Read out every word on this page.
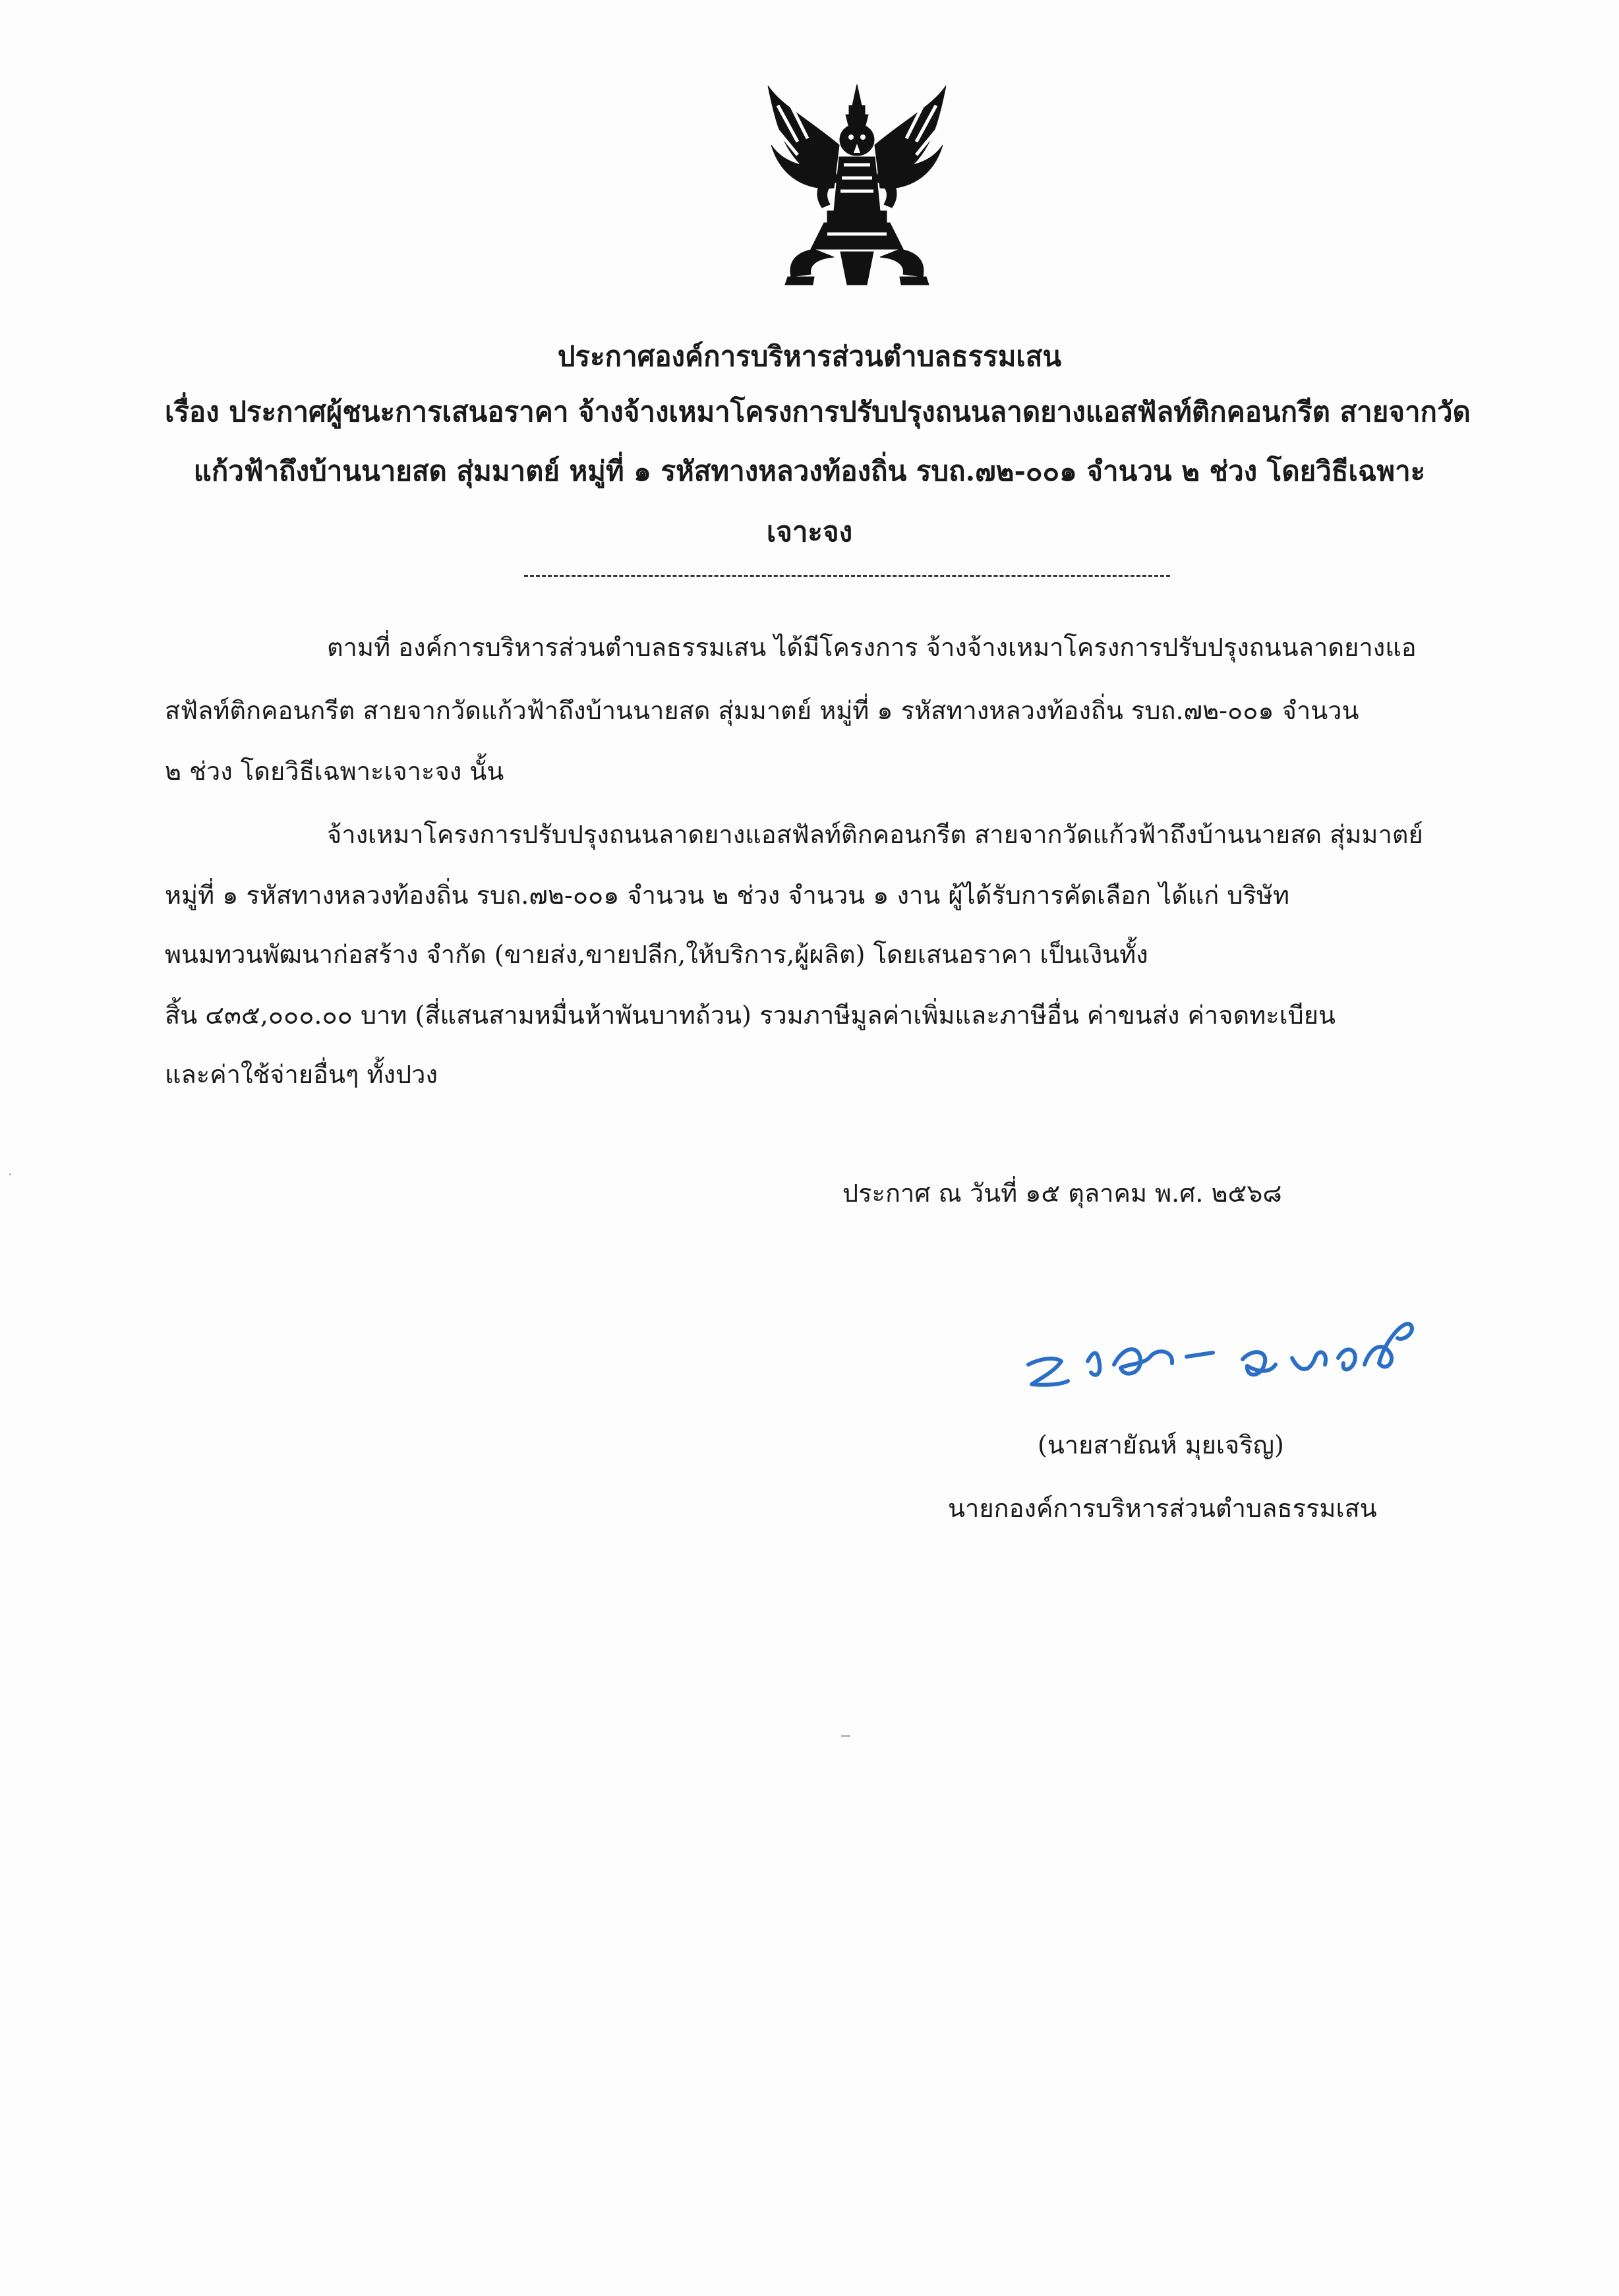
ประกาศองค์การบริหารส่วนตำบลธรรมเสน
เรื่อง ประกาศผู้ชนะการเสนอราคา จ้างจ้างเหมาโครงการปรับปรุงถนนลาดยางแอสฟัลท์ติกคอนกรีต สายจากวัด
แก้วฟ้าถึงบ้านนายสด สุ่มมาตย์ หมู่ที่ ๑ รหัสทางหลวงท้องถิ่น รบถ.๗๒-๐๐๑ จำนวน ๒ ช่วง โดยวิธีเฉพาะ
เจาะจง
ตามที่ องค์การบริหารส่วนตำบลธรรมเสน ได้มีโครงการ จ้างจ้างเหมาโครงการปรับปรุงถนนลาดยางแอ
สฟัลท์ติกคอนกรีต สายจากวัดแก้วฟ้าถึงบ้านนายสด สุ่มมาตย์ หมู่ที่ ๑ รหัสทางหลวงท้องถิ่น รบถ.๗๒-๐๐๑ จำนวน
๒ ช่วง โดยวิธีเฉพาะเจาะจง นั้น
จ้างเหมาโครงการปรับปรุงถนนลาดยางแอสฟัลท์ติกคอนกรีต สายจากวัดแก้วฟ้าถึงบ้านนายสด สุ่มมาตย์
หมู่ที่ ๑ รหัสทางหลวงท้องถิ่น รบถ.๗๒-๐๐๑ จำนวน ๒ ช่วง จำนวน ๑ งาน ผู้ได้รับการคัดเลือก ได้แก่ บริษัท
พนมทวนพัฒนาก่อสร้าง จำกัด (ขายส่ง,ขายปลีก,ให้บริการ,ผู้ผลิต) โดยเสนอราคา เป็นเงินทั้ง
สิ้น ๔๓๕,๐๐๐.๐๐ บาท (สี่แสนสามหมื่นห้าพันบาทถ้วน) รวมภาษีมูลค่าเพิ่มและภาษีอื่น ค่าขนส่ง ค่าจดทะเบียน
และค่าใช้จ่ายอื่นๆ ทั้งปวง
ประกาศ ณ วันที่ ๑๕ ตุลาคม พ.ศ. ๒๕๖๘
(นายสายัณห์ มุยเจริญ)
นายกองค์การบริหารส่วนตำบลธรรมเสน
